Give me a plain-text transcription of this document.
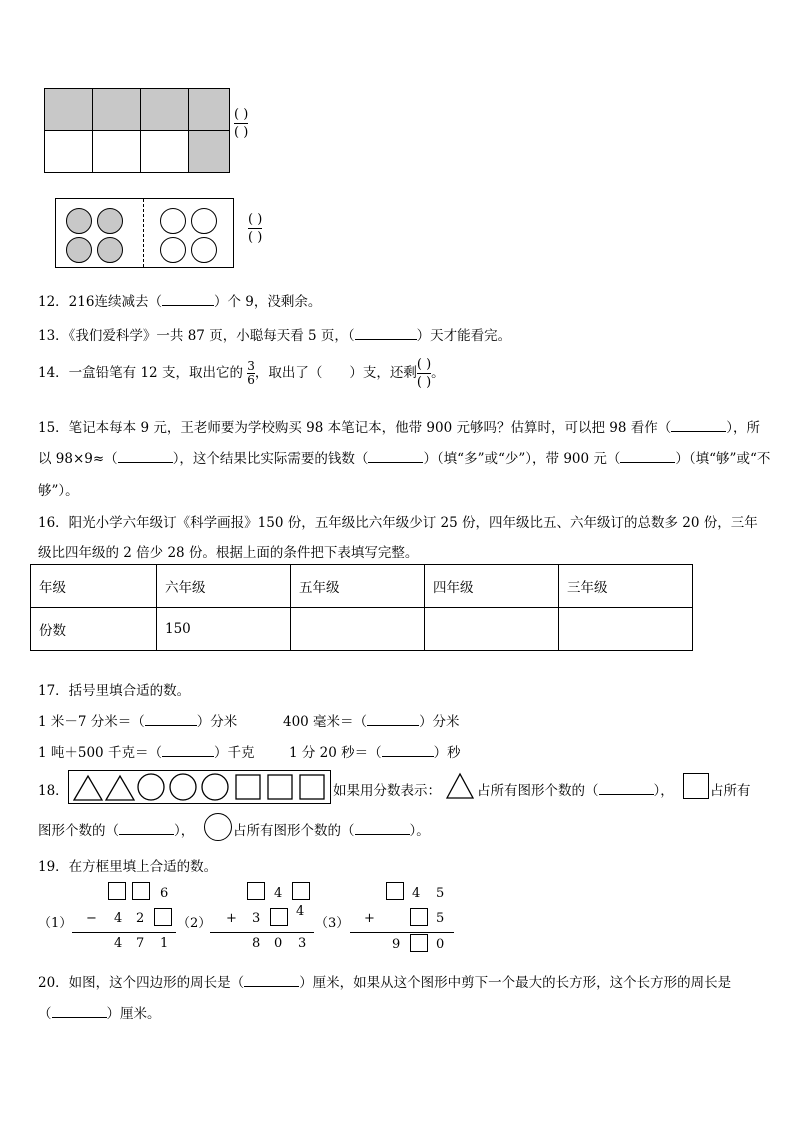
( )
( )
( )
( )
12．216连续减去（	）个 9，没剩余。
13．《我们爱科学》一共 87 页，小聪每天看 5 页，（	）天才能看完。
14．一盒铅笔有 12 支，取出它的 $\frac{3}{6}$ ，取出了（　　）支，还剩 $\frac{( )}{( )}$ 。
15．笔记本每本 9 元，王老师要为学校购买 98 本笔记本，他带 900 元够吗？估算时，可以把 98 看作（	），所
以 98×9≈（	），这个结果比实际需要的钱数（	）（填“多”或“少”），带 900 元（	）（填“够”或“不
够”）。
16．阳光小学六年级订《科学画报》150 份，五年级比六年级少订 25 份，四年级比五、六年级订的总数多 20 份，三年
级比四年级的 2 倍少 28 份。根据上面的条件把下表填写完整。
年级	六年级	五年级	四年级	三年级
份数	150			
17．括号里填合适的数。
1 米－7 分米＝（	）分米	400 毫米＝（	）分米
1 吨＋500 千克＝（	）千克	1 分 20 秒＝（	）秒
18．	如果用分数表示：	占所有图形个数的（	），	占所有
图形个数的（	），	占所有图形个数的（	）。
19．在方框里填上合适的数。
（1）	（2）	（3）
6
− 4 2
4 7 1
4
+ 3	4
8 0 3
4 5
+	5
9	0
20．如图，这个四边形的周长是（	）厘米，如果从这个图形中剪下一个最大的长方形，这个长方形的周长是
（	）厘米。
